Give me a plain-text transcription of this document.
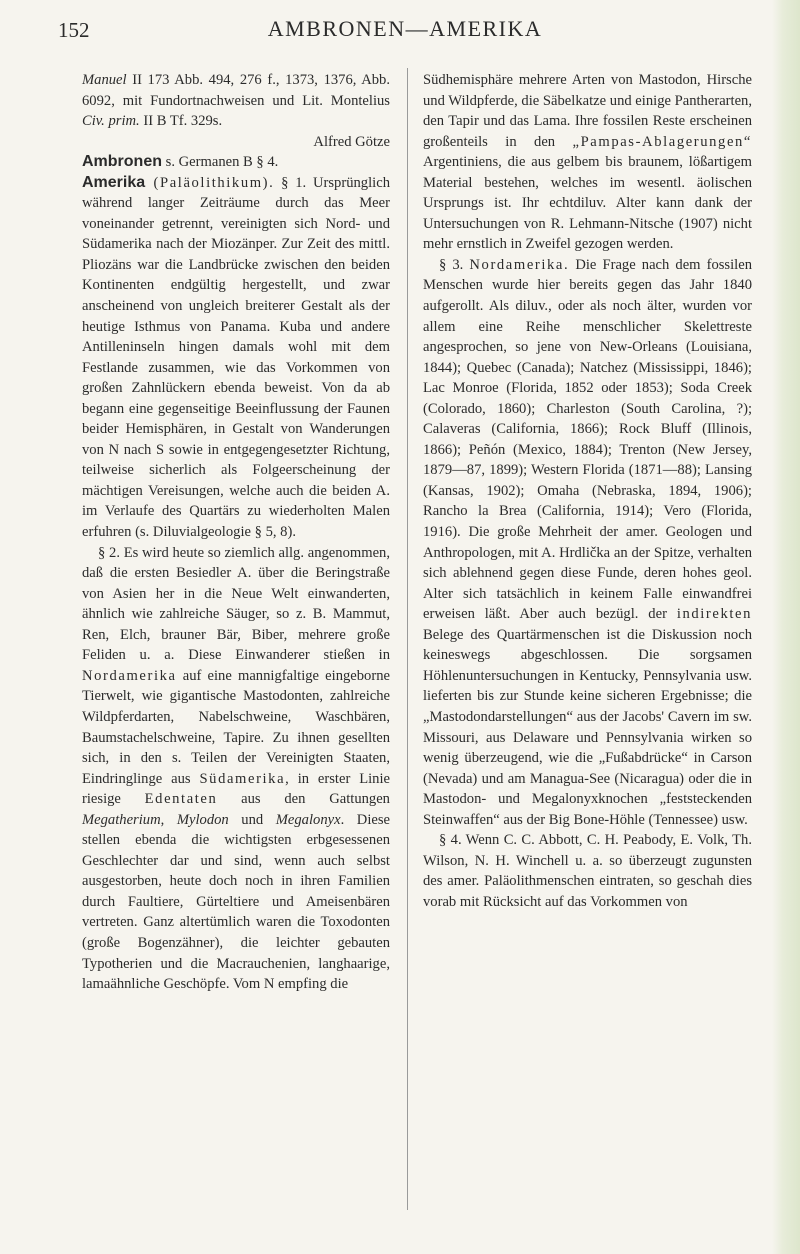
152	AMBRONEN—AMERIKA

Manuel II 173 Abb. 494, 276 f., 1373, 1376, Abb. 6092, mit Fundortnachweisen und Lit. Montelius Civ. prim. II B Tf. 329s.

Alfred Götze

Ambronen s. Germanen B § 4.

Amerika (Paläolithikum). § 1. Ursprünglich während langer Zeiträume durch das Meer voneinander getrennt, vereinigten sich Nord- und Südamerika nach der Miozänper. Zur Zeit des mittl. Pliozäns war die Landbrücke zwischen den beiden Kontinenten endgültig hergestellt, und zwar anscheinend von ungleich breiterer Gestalt als der heutige Isthmus von Panama. Kuba und andere Antilleninseln hingen damals wohl mit dem Festlande zusammen, wie das Vorkommen von großen Zahnlückern ebenda beweist. Von da ab begann eine gegenseitige Beeinflussung der Faunen beider Hemisphären, in Gestalt von Wanderungen von N nach S sowie in entgegengesetzter Richtung, teilweise sicherlich als Folgeerscheinung der mächtigen Vereisungen, welche auch die beiden A. im Verlaufe des Quartärs zu wiederholten Malen erfuhren (s. Diluvialgeologie § 5, 8).

§ 2. Es wird heute so ziemlich allg. angenommen, daß die ersten Besiedler A. über die Beringstraße von Asien her in die Neue Welt einwanderten, ähnlich wie zahlreiche Säuger, so z. B. Mammut, Ren, Elch, brauner Bär, Biber, mehrere große Feliden u. a. Diese Einwanderer stießen in Nordamerika auf eine mannigfaltige eingeborne Tierwelt, wie gigantische Mastodonten, zahlreiche Wildpferdarten, Nabelschweine, Waschbären, Baumstachelschweine, Tapire. Zu ihnen gesellten sich, in den s. Teilen der Vereinigten Staaten, Eindringlinge aus Südamerika, in erster Linie riesige Edentaten aus den Gattungen Megatherium, Mylodon und Megalonyx. Diese stellen ebenda die wichtigsten erbgesessenen Geschlechter dar und sind, wenn auch selbst ausgestorben, heute doch noch in ihren Familien durch Faultiere, Gürteltiere und Ameisenbären vertreten. Ganz altertümlich waren die Toxodonten (große Bogenzähner), die leichter gebauten Typotherien und die Macrauchenien, langhaarige, lamaähnliche Geschöpfe. Vom N empfing die

Südhemisphäre mehrere Arten von Mastodon, Hirsche und Wildpferde, die Säbelkatze und einige Pantherarten, den Tapir und das Lama. Ihre fossilen Reste erscheinen großenteils in den „Pampas-Ablagerungen“ Argentiniens, die aus gelbem bis braunem, lößartigem Material bestehen, welches im wesentl. äolischen Ursprungs ist. Ihr echtdiluv. Alter kann dank der Untersuchungen von R. Lehmann-Nitsche (1907) nicht mehr ernstlich in Zweifel gezogen werden.

§ 3. Nordamerika. Die Frage nach dem fossilen Menschen wurde hier bereits gegen das Jahr 1840 aufgerollt. Als diluv., oder als noch älter, wurden vor allem eine Reihe menschlicher Skelettreste angesprochen, so jene von New-Orleans (Louisiana, 1844); Quebec (Canada); Natchez (Mississippi, 1846); Lac Monroe (Florida, 1852 oder 1853); Soda Creek (Colorado, 1860); Charleston (South Carolina, ?); Calaveras (California, 1866); Rock Bluff (Illinois, 1866); Peñón (Mexico, 1884); Trenton (New Jersey, 1879—87, 1899); Western Florida (1871—88); Lansing (Kansas, 1902); Omaha (Nebraska, 1894, 1906); Rancho la Brea (California, 1914); Vero (Florida, 1916). Die große Mehrheit der amer. Geologen und Anthropologen, mit A. Hrdlička an der Spitze, verhalten sich ablehnend gegen diese Funde, deren hohes geol. Alter sich tatsächlich in keinem Falle einwandfrei erweisen läßt. Aber auch bezügl. der indirekten Belege des Quartärmenschen ist die Diskussion noch keineswegs abgeschlossen. Die sorgsamen Höhlenuntersuchungen in Kentucky, Pennsylvania usw. lieferten bis zur Stunde keine sicheren Ergebnisse; die „Mastodondarstellungen“ aus der Jacobs' Cavern im sw. Missouri, aus Delaware und Pennsylvania wirken so wenig überzeugend, wie die „Fußabdrücke“ in Carson (Nevada) und am Managua-See (Nicaragua) oder die in Mastodon- und Megalonyxknochen „feststeckenden Steinwaffen“ aus der Big Bone-Höhle (Tennessee) usw.

§ 4. Wenn C. C. Abbott, C. H. Peabody, E. Volk, Th. Wilson, N. H. Winchell u. a. so überzeugt zugunsten des amer. Paläolithmenschen eintraten, so geschah dies vorab mit Rücksicht auf das Vorkommen von
